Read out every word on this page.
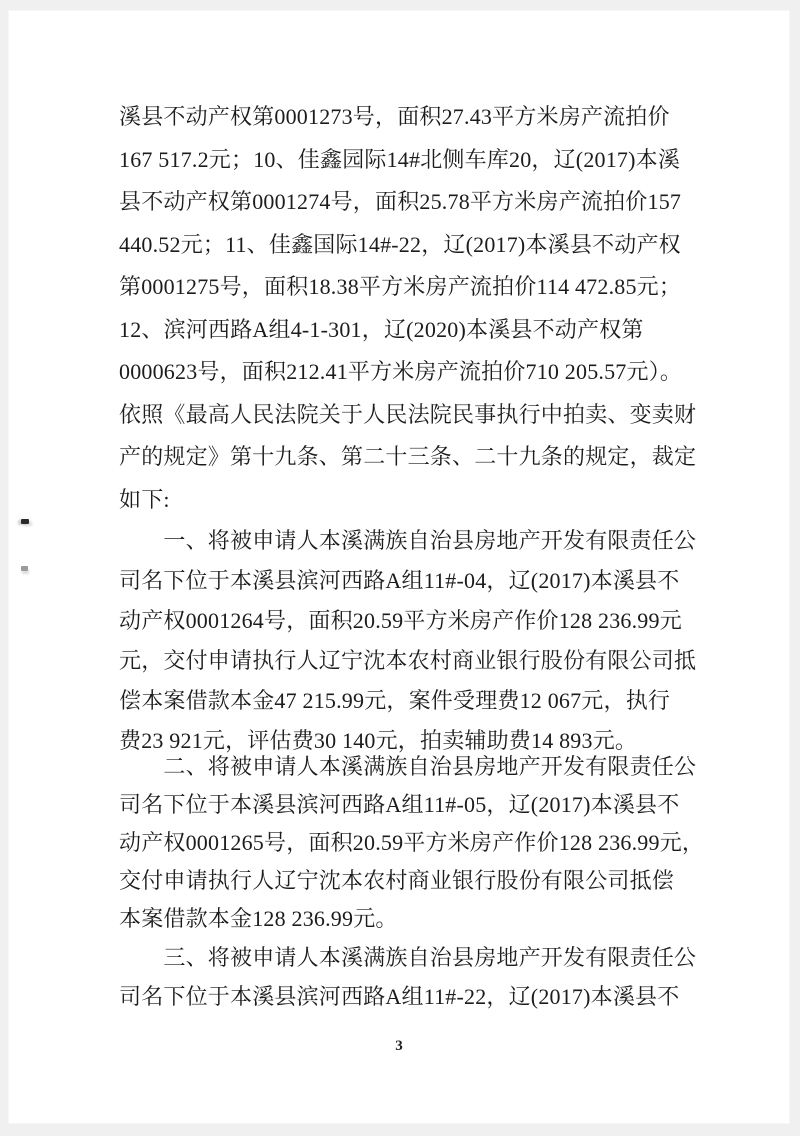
溪县不动产权第0001273号，面积27.43平方米房产流拍价
167 517.2元；10、佳鑫园际14#北侧车库20，辽(2017)本溪
县不动产权第0001274号，面积25.78平方米房产流拍价157
440.52元；11、佳鑫国际14#-22，辽(2017)本溪县不动产权
第0001275号，面积18.38平方米房产流拍价114 472.85元；
12、滨河西路A组4-1-301，辽(2020)本溪县不动产权第
0000623号，面积212.41平方米房产流拍价710 205.57元）。
依照《最高人民法院关于人民法院民事执行中拍卖、变卖财
产的规定》第十九条、第二十三条、二十九条的规定，裁定
如下:
　　一、将被申请人本溪满族自治县房地产开发有限责任公
司名下位于本溪县滨河西路A组11#-04，辽(2017)本溪县不
动产权0001264号，面积20.59平方米房产作价128 236.99元
元，交付申请执行人辽宁沈本农村商业银行股份有限公司抵
偿本案借款本金47 215.99元，案件受理费12 067元，执行
费23 921元，评估费30 140元，拍卖辅助费14 893元。
　　二、将被申请人本溪满族自治县房地产开发有限责任公
司名下位于本溪县滨河西路A组11#-05，辽(2017)本溪县不
动产权0001265号，面积20.59平方米房产作价128 236.99元，
交付申请执行人辽宁沈本农村商业银行股份有限公司抵偿
本案借款本金128 236.99元。
　　三、将被申请人本溪满族自治县房地产开发有限责任公
司名下位于本溪县滨河西路A组11#-22，辽(2017)本溪县不
3
